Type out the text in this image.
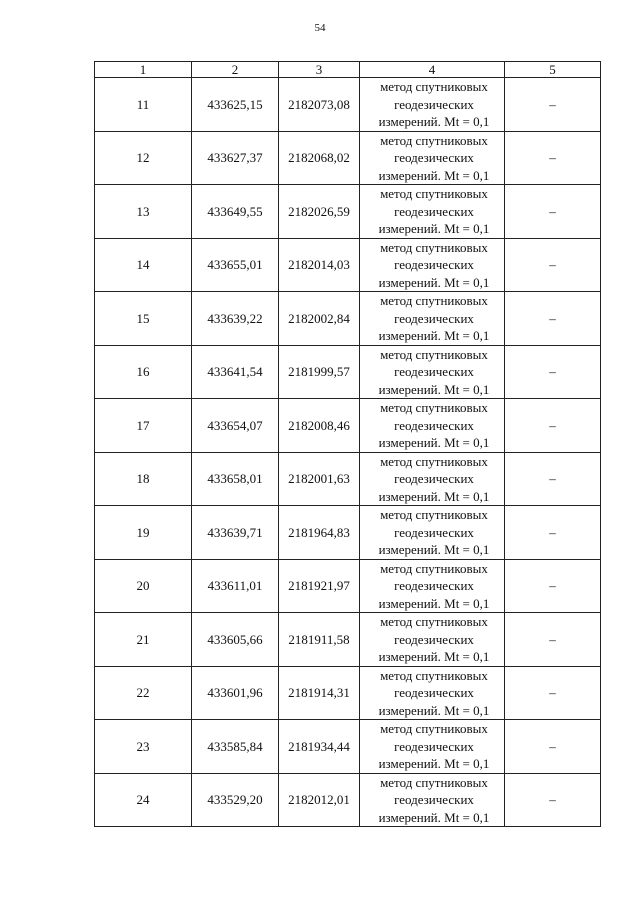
54
1	2	3	4	5
11	433625,15	2182073,08	метод спутниковых геодезических измерений. Mt = 0,1	–
12	433627,37	2182068,02	метод спутниковых геодезических измерений. Mt = 0,1	–
13	433649,55	2182026,59	метод спутниковых геодезических измерений. Mt = 0,1	–
14	433655,01	2182014,03	метод спутниковых геодезических измерений. Mt = 0,1	–
15	433639,22	2182002,84	метод спутниковых геодезических измерений. Mt = 0,1	–
16	433641,54	2181999,57	метод спутниковых геодезических измерений. Mt = 0,1	–
17	433654,07	2182008,46	метод спутниковых геодезических измерений. Mt = 0,1	–
18	433658,01	2182001,63	метод спутниковых геодезических измерений. Mt = 0,1	–
19	433639,71	2181964,83	метод спутниковых геодезических измерений. Mt = 0,1	–
20	433611,01	2181921,97	метод спутниковых геодезических измерений. Mt = 0,1	–
21	433605,66	2181911,58	метод спутниковых геодезических измерений. Mt = 0,1	–
22	433601,96	2181914,31	метод спутниковых геодезических измерений. Mt = 0,1	–
23	433585,84	2181934,44	метод спутниковых геодезических измерений. Mt = 0,1	–
24	433529,20	2182012,01	метод спутниковых геодезических измерений. Mt = 0,1	–
